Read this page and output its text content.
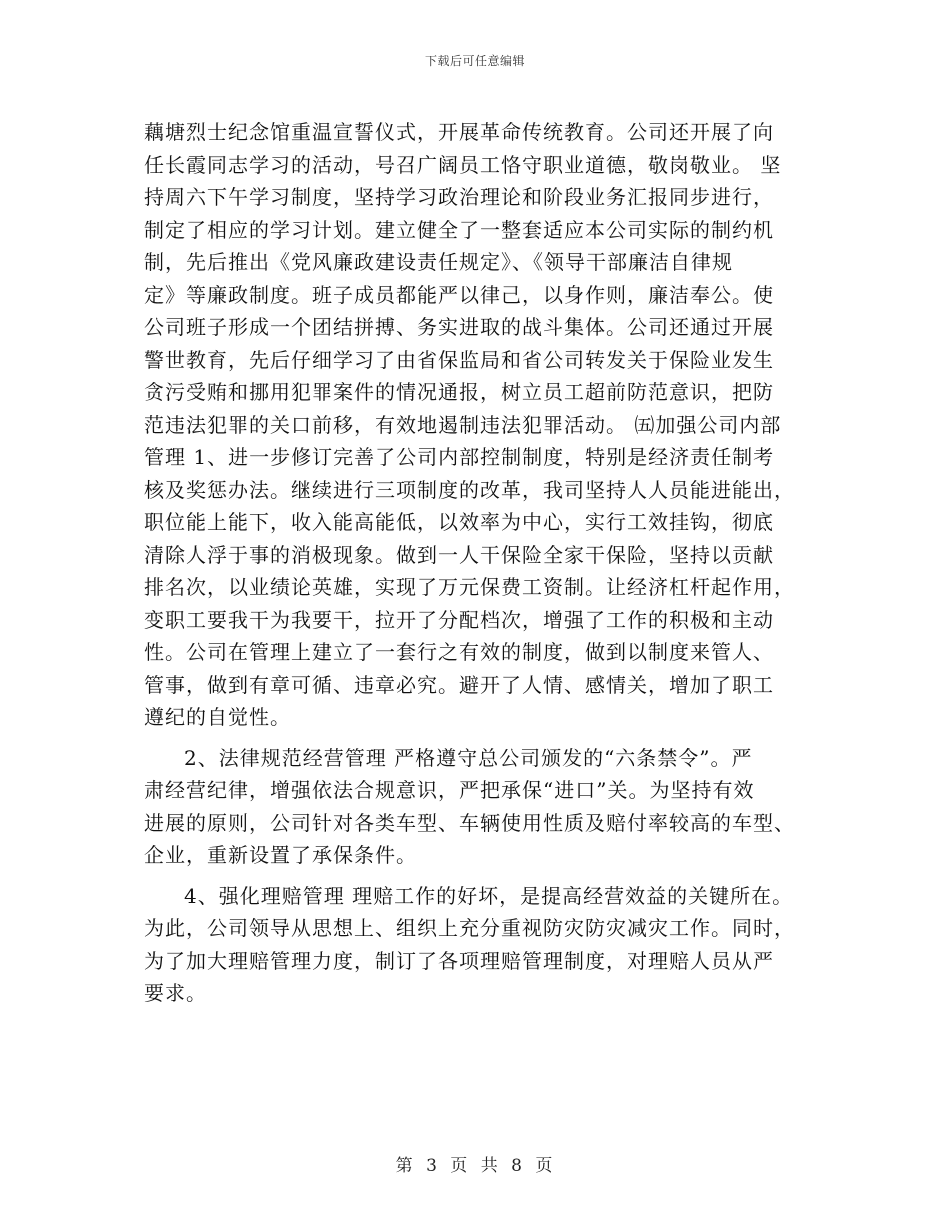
下载后可任意编辑
藕塘烈士纪念馆重温宣誓仪式，开展革命传统教育。公司还开展了向
任长霞同志学习的活动，号召广阔员工恪守职业道德，敬岗敬业。 坚
持周六下午学习制度，坚持学习政治理论和阶段业务汇报同步进行，
制定了相应的学习计划。建立健全了一整套适应本公司实际的制约机
制，先后推出《党风廉政建设责任规定》、《领导干部廉洁自律规
定》等廉政制度。班子成员都能严以律己，以身作则，廉洁奉公。使
公司班子形成一个团结拼搏、务实进取的战斗集体。公司还通过开展
警世教育，先后仔细学习了由省保监局和省公司转发关于保险业发生
贪污受贿和挪用犯罪案件的情况通报，树立员工超前防范意识，把防
范违法犯罪的关口前移，有效地遏制违法犯罪活动。 ㈤加强公司内部
管理 1、进一步修订完善了公司内部控制制度，特别是经济责任制考
核及奖惩办法。继续进行三项制度的改革，我司坚持人人员能进能出，
职位能上能下，收入能高能低，以效率为中心，实行工效挂钩，彻底
清除人浮于事的消极现象。做到一人干保险全家干保险，坚持以贡献
排名次，以业绩论英雄，实现了万元保费工资制。让经济杠杆起作用，
变职工要我干为我要干，拉开了分配档次，增强了工作的积极和主动
性。公司在管理上建立了一套行之有效的制度，做到以制度来管人、
管事，做到有章可循、违章必究。避开了人情、感情关，增加了职工
遵纪的自觉性。
2、法律规范经营管理 严格遵守总公司颁发的“六条禁令”。严
肃经营纪律，增强依法合规意识，严把承保“进口”关。为坚持有效
进展的原则，公司针对各类车型、车辆使用性质及赔付率较高的车型、
企业，重新设置了承保条件。
4、强化理赔管理 理赔工作的好坏，是提高经营效益的关键所在。
为此，公司领导从思想上、组织上充分重视防灾防灾减灾工作。同时，
为了加大理赔管理力度，制订了各项理赔管理制度，对理赔人员从严
要求。
第 3 页 共 8 页
